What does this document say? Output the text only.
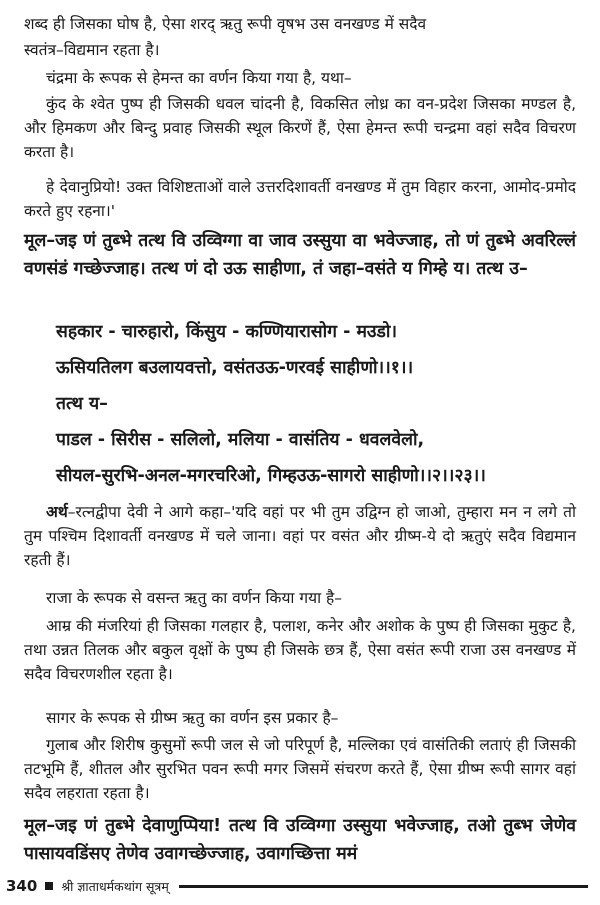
शब्द ही जिसका घोष है, ऐसा शरद् ऋतु रूपी वृषभ उस वनखण्ड में सदैव

स्वतंत्र–विद्यमान रहता है।

चंद्रमा के रूपक से हेमन्त का वर्णन किया गया है, यथा–

कुंद के श्वेत पुष्प ही जिसकी धवल चांदनी है, विकसित लोध्र का वन-प्रदेश जिसका मण्डल है, और हिमकण और बिन्दु प्रवाह जिसकी स्थूल किरणें हैं, ऐसा हेमन्त रूपी चन्द्रमा वहां सदैव विचरण करता है।

हे देवानुप्रियो! उक्त विशिष्टताओं वाले उत्तरदिशावर्ती वनखण्ड में तुम विहार करना, आमोद-प्रमोद करते हुए रहना।'

मूल–जइ णं तुब्भे तत्थ वि उव्विग्गा वा जाव उस्सुया वा भवेज्जाह, तो णं तुब्भे अवरिल्लं वणसंडं गच्छेज्जाह। तत्थ णं दो उऊ साहीणा, तं जहा–वसंते य गिम्हे य। तत्थ उ–

सहकार - चारुहारो, किंसुय - कण्णियारासोग - मउडो।

ऊसियतिलग बउलायवत्तो, वसंतउऊ-णरवई साहीणो।।१।।

तत्थ य–

पाडल - सिरीस - सलिलो, मलिया - वासंतिय - धवलवेलो,

सीयल-सुरभि-अनल-मगरचरिओ, गिम्हउऊ-सागरो साहीणो।।२।।२३।।

अर्थ–रत्नद्वीपा देवी ने आगे कहा–'यदि वहां पर भी तुम उद्विग्न हो जाओ, तुम्हारा मन न लगे तो तुम पश्चिम दिशावर्ती वनखण्ड में चले जाना। वहां पर वसंत और ग्रीष्म-ये दो ऋतुएं सदैव विद्यमान रहती हैं।

राजा के रूपक से वसन्त ऋतु का वर्णन किया गया है–

आम्र की मंजरियां ही जिसका गलहार है, पलाश, कनेर और अशोक के पुष्प ही जिसका मुकुट है, तथा उन्नत तिलक और बकुल वृक्षों के पुष्प ही जिसके छत्र हैं, ऐसा वसंत रूपी राजा उस वनखण्ड में सदैव विचरणशील रहता है।

सागर के रूपक से ग्रीष्म ऋतु का वर्णन इस प्रकार है–

गुलाब और शिरीष कुसुमों रूपी जल से जो परिपूर्ण है, मल्लिका एवं वासंतिकी लताएं ही जिसकी तटभूमि हैं, शीतल और सुरभित पवन रूपी मगर जिसमें संचरण करते हैं, ऐसा ग्रीष्म रूपी सागर वहां सदैव लहराता रहता है।

मूल–जइ णं तुब्भे देवाणुप्पिया! तत्थ वि उव्विग्गा उस्सुया भवेज्जाह, तओ तुब्भ जेणेव पासायवडिंसए तेणेव उवागच्छेज्जाह, उवागच्छित्ता ममं

340 श्री ज्ञाताधर्मकथांग सूत्रम्
